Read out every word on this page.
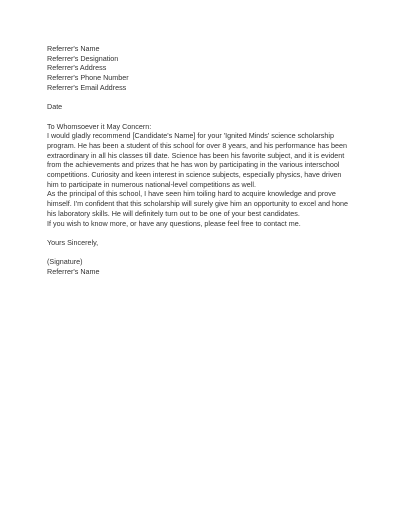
Referrer's Name
Referrer's Designation
Referrer's Address
Referrer's Phone Number
Referrer's Email Address
Date
To Whomsoever it May Concern:
I would gladly recommend [Candidate's Name] for your 'Ignited Minds' science scholarship
program. He has been a student of this school for over 8 years, and his performance has been
extraordinary in all his classes till date. Science has been his favorite subject, and it is evident
from the achievements and prizes that he has won by participating in the various interschool
competitions. Curiosity and keen interest in science subjects, especially physics, have driven
him to participate in numerous national-level competitions as well.
As the principal of this school, I have seen him toiling hard to acquire knowledge and prove
himself. I'm confident that this scholarship will surely give him an opportunity to excel and hone
his laboratory skills. He will definitely turn out to be one of your best candidates.
If you wish to know more, or have any questions, please feel free to contact me.
Yours Sincerely,
(Signature)
Referrer's Name
